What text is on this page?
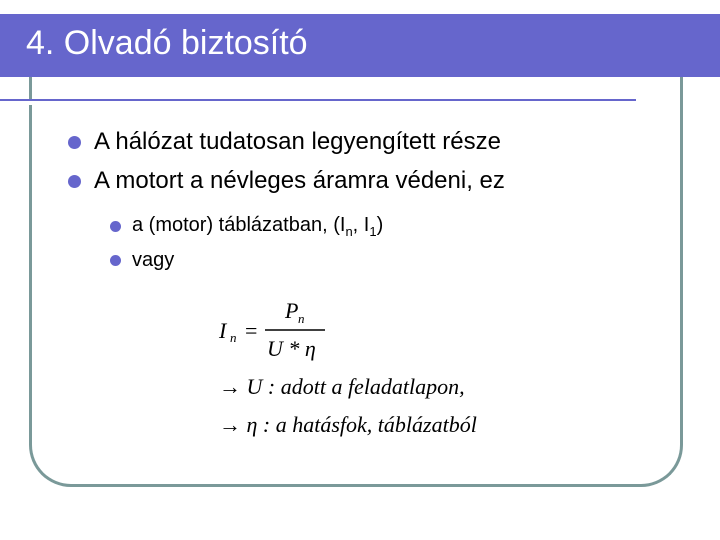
4. Olvadó biztosító
A hálózat tudatosan legyengített része
A motort a névleges áramra védeni, ez
a (motor) táblázatban, ($I_n$, $I_1$)
vagy
I n =
P n
U * η
→ U : adott a feladatlapon,
→ η : a hatásfok, táblázatból
